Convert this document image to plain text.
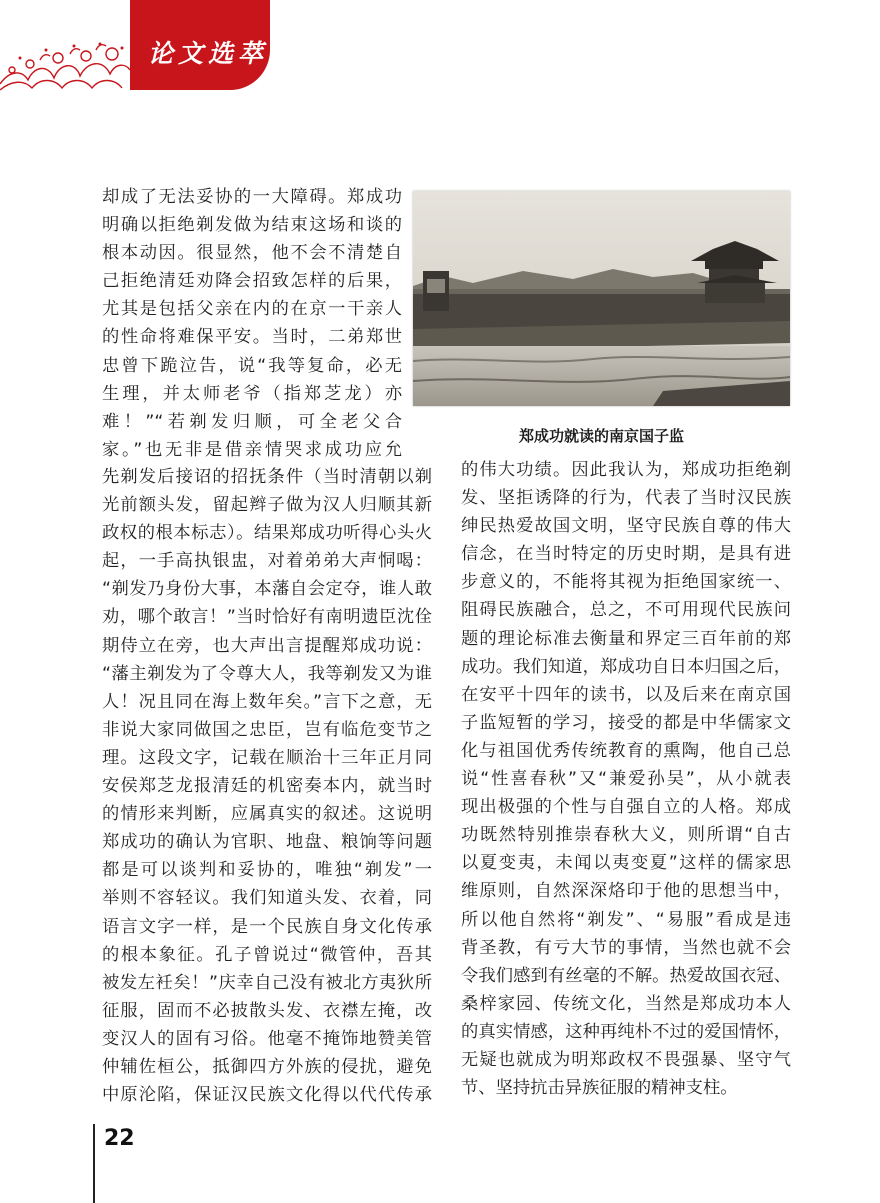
论文选萃
郑成功就读的南京国子监
却成了无法妥协的一大障碍。郑成功
明确以拒绝剃发做为结束这场和谈的
根本动因。很显然，他不会不清楚自
己拒绝清廷劝降会招致怎样的后果，
尤其是包括父亲在内的在京一干亲人
的性命将难保平安。当时，二弟郑世
忠曾下跪泣告，说“我等复命，必无
生理，并太师老爷（指郑芝龙）亦
难！”“若剃发归顺，可全老父合
家。”也无非是借亲情哭求成功应允
先剃发后接诏的招抚条件（当时清朝以剃
光前额头发，留起辫子做为汉人归顺其新
政权的根本标志）。结果郑成功听得心头火
起，一手高执银盅，对着弟弟大声恫喝：
“剃发乃身份大事，本藩自会定夺，谁人敢
劝，哪个敢言！”当时恰好有南明遗臣沈佺
期侍立在旁，也大声出言提醒郑成功说：
“藩主剃发为了令尊大人，我等剃发又为谁
人！况且同在海上数年矣。”言下之意，无
非说大家同做国之忠臣，岂有临危变节之
理。这段文字，记载在顺治十三年正月同
安侯郑芝龙报清廷的机密奏本内，就当时
的情形来判断，应属真实的叙述。这说明
郑成功的确认为官职、地盘、粮饷等问题
都是可以谈判和妥协的，唯独“剃发”一
举则不容轻议。我们知道头发、衣着，同
语言文字一样，是一个民族自身文化传承
的根本象征。孔子曾说过“微管仲，吾其
被发左衽矣！”庆幸自己没有被北方夷狄所
征服，固而不必披散头发、衣襟左掩，改
变汉人的固有习俗。他毫不掩饰地赞美管
仲辅佐桓公，抵御四方外族的侵扰，避免
中原沦陷，保证汉民族文化得以代代传承
的伟大功绩。因此我认为，郑成功拒绝剃
发、坚拒诱降的行为，代表了当时汉民族
绅民热爱故国文明，坚守民族自尊的伟大
信念，在当时特定的历史时期，是具有进
步意义的，不能将其视为拒绝国家统一、
阻碍民族融合，总之，不可用现代民族问
题的理论标准去衡量和界定三百年前的郑
成功。我们知道，郑成功自日本归国之后，
在安平十四年的读书，以及后来在南京国
子监短暂的学习，接受的都是中华儒家文
化与祖国优秀传统教育的熏陶，他自己总
说“性喜春秋”又“兼爱孙吴”，从小就表
现出极强的个性与自强自立的人格。郑成
功既然特别推崇春秋大义，则所谓“自古
以夏变夷，未闻以夷变夏”这样的儒家思
维原则，自然深深烙印于他的思想当中，
所以他自然将“剃发”、“易服”看成是违
背圣教，有亏大节的事情，当然也就不会
令我们感到有丝毫的不解。热爱故国衣冠、
桑梓家园、传统文化，当然是郑成功本人
的真实情感，这种再纯朴不过的爱国情怀，
无疑也就成为明郑政权不畏强暴、坚守气
节、坚持抗击异族征服的精神支柱。
22
